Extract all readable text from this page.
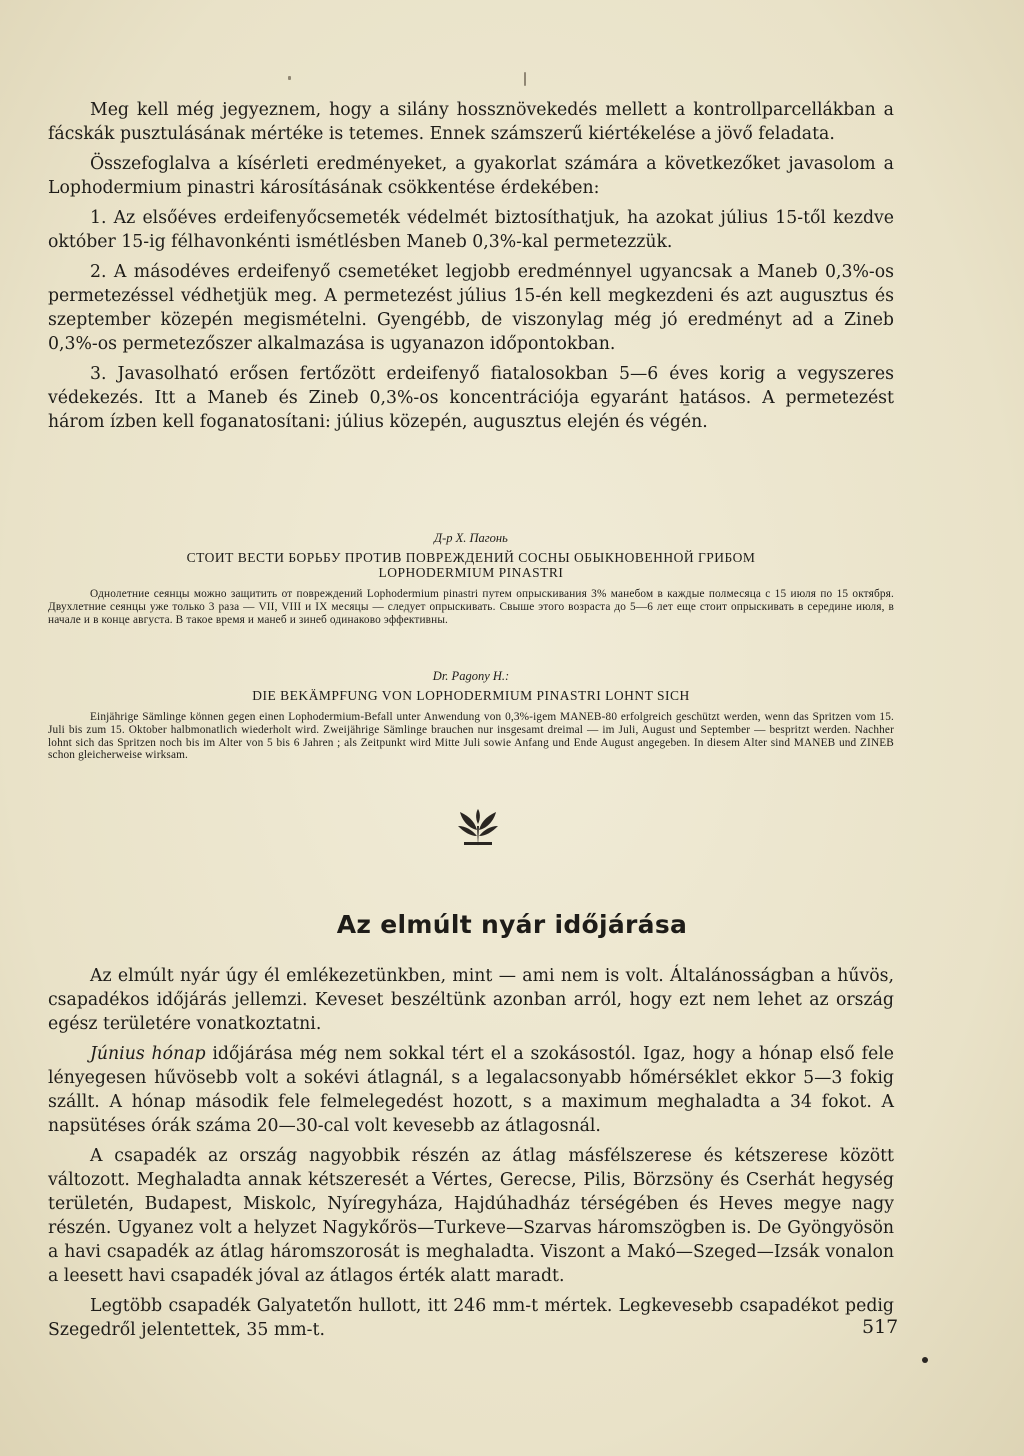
Meg kell még jegyeznem, hogy a silány hossznövekedés mellett a kontrollparcellákban a fácskák pusztulásának mértéke is tetemes. Ennek számszerű kiértékelése a jövő feladata.

Összefoglalva a kísérleti eredményeket, a gyakorlat számára a következőket javasolom a Lophodermium pinastri károsításának csökkentése érdekében:

1. Az elsőéves erdeifenyőcsemeték védelmét biztosíthatjuk, ha azokat július 15-től kezdve október 15-ig félhavonkénti ismétlésben Maneb 0,3%-kal permetezzük.

2. A másodéves erdeifenyő csemetéket legjobb eredménnyel ugyancsak a Maneb 0,3%-os permetezéssel védhetjük meg. A permetezést július 15-én kell megkezdeni és azt augusztus és szeptember közepén megismételni. Gyengébb, de viszonylag még jó eredményt ad a Zineb 0,3%-os permetezőszer alkalmazása is ugyanazon időpontokban.

3. Javasolható erősen fertőzött erdeifenyő fiatalosokban 5—6 éves korig a vegyszeres védekezés. Itt a Maneb és Zineb 0,3%-os koncentrációja egyaránt hatásos. A permetezést három ízben kell foganatosítani: július közepén, augusztus elején és végén.

Д-р Х. Пагонь

СТОИТ ВЕСТИ БОРЬБУ ПРОТИВ ПОВРЕЖДЕНИЙ СОСНЫ ОБЫКНОВЕННОЙ ГРИБОМ

LOPHODERMIUM PINASTRI

Однолетние сеянцы можно защитить от повреждений Lophodermium pinastri путем опрыскивания 3% манебом в каждые полмесяца с 15 июля по 15 октября. Двухлетние сеянцы уже только 3 раза — VII, VIII и IX месяцы — следует опрыскивать. Свыше этого возраста до 5—6 лет еще стоит опрыскивать в середине июля, в начале и в конце августа. В такое время и манеб и зинеб одинаково эффективны.

Dr. Pagony H.:

DIE BEKÄMPFUNG VON LOPHODERMIUM PINASTRI LOHNT SICH

Einjährige Sämlinge können gegen einen Lophodermium-Befall unter Anwendung von 0,3%-igem MANEB-80 erfolgreich geschützt werden, wenn das Spritzen vom 15. Juli bis zum 15. Oktober halbmonatlich wiederholt wird. Zweijährige Sämlinge brauchen nur insgesamt dreimal — im Juli, August und September — bespritzt werden. Nachher lohnt sich das Spritzen noch bis im Alter von 5 bis 6 Jahren ; als Zeitpunkt wird Mitte Juli sowie Anfang und Ende August angegeben. In diesem Alter sind MANEB und ZINEB schon gleicherweise wirksam.

Az elmúlt nyár időjárása

Az elmúlt nyár úgy él emlékezetünkben, mint — ami nem is volt. Általánosságban a hűvös, csapadékos időjárás jellemzi. Keveset beszéltünk azonban arról, hogy ezt nem lehet az ország egész területére vonatkoztatni.

Június hónap időjárása még nem sokkal tért el a szokásostól. Igaz, hogy a hónap első fele lényegesen hűvösebb volt a sokévi átlagnál, s a legalacsonyabb hőmérséklet ekkor 5—3 fokig szállt. A hónap második fele felmelegedést hozott, s a maximum meghaladta a 34 fokot. A napsütéses órák száma 20—30-cal volt kevesebb az átlagosnál.

A csapadék az ország nagyobbik részén az átlag másfélszerese és kétszerese között változott. Meghaladta annak kétszeresét a Vértes, Gerecse, Pilis, Börzsöny és Cserhát hegység területén, Budapest, Miskolc, Nyíregyháza, Hajdúhadház térségében és Heves megye nagy részén. Ugyanez volt a helyzet Nagykőrös—Turkeve—Szarvas háromszögben is. De Gyöngyösön a havi csapadék az átlag háromszorosát is meghaladta. Viszont a Makó—Szeged—Izsák vonalon a leesett havi csapadék jóval az átlagos érték alatt maradt.

Legtöbb csapadék Galyatetőn hullott, itt 246 mm-t mértek. Legkevesebb csapadékot pedig Szegedről jelentettek, 35 mm-t.	517
